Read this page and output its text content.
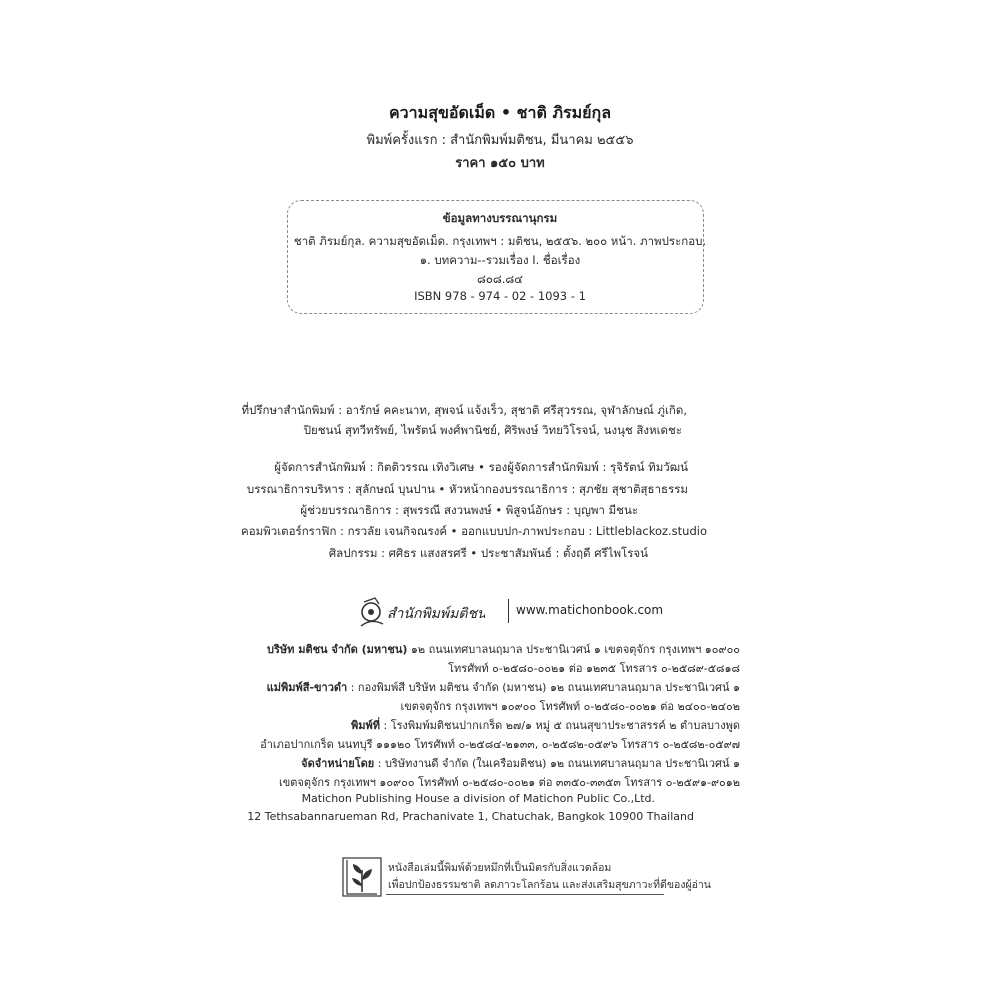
ความสุขอัดเม็ด • ชาติ ภิรมย์กุล
พิมพ์ครั้งแรก : สำนักพิมพ์มติชน, มีนาคม ๒๕๕๖
ราคา ๑๕๐ บาท
ข้อมูลทางบรรณานุกรม
ชาติ ภิรมย์กุล. ความสุขอัดเม็ด. กรุงเทพฯ : มติชน, ๒๕๕๖. ๒๐๐ หน้า. ภาพประกอบ.
๑. บทความ--รวมเรื่อง I. ชื่อเรื่อง
๘๐๘.๘๔
ISBN 978 - 974 - 02 - 1093 - 1
ที่ปรึกษาสำนักพิมพ์ : อารักษ์ คคะนาท, สุพจน์ แจ้งเร็ว, สุชาติ ศรีสุวรรณ, จุฬาลักษณ์ ภู่เกิด,
ปิยชนน์ สุทวีทรัพย์, ไพรัตน์ พงศ์พานิชย์, ศิริพงษ์ วิทยวิโรจน์, นงนุช สิงหเดชะ
ผู้จัดการสำนักพิมพ์ : กิตติวรรณ เทิงวิเศษ • รองผู้จัดการสำนักพิมพ์ : รุจิรัตน์ ทิมวัฒน์
บรรณาธิการบริหาร : สุลักษณ์ บุนปาน • หัวหน้ากองบรรณาธิการ : สุภชัย สุชาติสุธาธรรม
ผู้ช่วยบรรณาธิการ : สุพรรณี สงวนพงษ์ • พิสูจน์อักษร : บุญพา มีชนะ
คอมพิวเตอร์กราฟิก : กรวลัย เจนกิจณรงค์ • ออกแบบปก-ภาพประกอบ : Littleblackoz.studio
ศิลปกรรม : ศศิธร แสงสรศรี • ประชาสัมพันธ์ : ตั้งฤดี ศรีไพโรจน์
สำนักพิมพ์มติชน www.matichonbook.com
บริษัท มติชน จำกัด (มหาชน) ๑๒ ถนนเทศบาลนฤมาล ประชานิเวศน์ ๑ เขตจตุจักร กรุงเทพฯ ๑๐๙๐๐
โทรศัพท์ ๐-๒๕๘๐-๐๐๒๑ ต่อ ๑๒๓๕ โทรสาร ๐-๒๕๘๙-๕๘๑๘
แม่พิมพ์สี-ขาวดำ : กองพิมพ์สี บริษัท มติชน จำกัด (มหาชน) ๑๒ ถนนเทศบาลนฤมาล ประชานิเวศน์ ๑
เขตจตุจักร กรุงเทพฯ ๑๐๙๐๐ โทรศัพท์ ๐-๒๕๘๐-๐๐๒๑ ต่อ ๒๔๐๐-๒๔๐๒
พิมพ์ที่ : โรงพิมพ์มติชนปากเกร็ด ๒๗/๑ หมู่ ๕ ถนนสุขาประชาสรรค์ ๒ ตำบลบางพูด
อำเภอปากเกร็ด นนทบุรี ๑๑๑๒๐ โทรศัพท์ ๐-๒๕๘๔-๒๑๓๓, ๐-๒๕๘๒-๐๕๙๖ โทรสาร ๐-๒๕๘๒-๐๕๙๗
จัดจำหน่ายโดย : บริษัทงานดี จำกัด (ในเครือมติชน) ๑๒ ถนนเทศบาลนฤมาล ประชานิเวศน์ ๑
เขตจตุจักร กรุงเทพฯ ๑๐๙๐๐ โทรศัพท์ ๐-๒๕๘๐-๐๐๒๑ ต่อ ๓๓๕๐-๓๓๕๓ โทรสาร ๐-๒๕๙๑-๙๐๑๒
Matichon Publishing House a division of Matichon Public Co.,Ltd.
12 Tethsabannarueman Rd, Prachanivate 1, Chatuchak, Bangkok 10900 Thailand
หนังสือเล่มนี้พิมพ์ด้วยหมึกที่เป็นมิตรกับสิ่งแวดล้อม
เพื่อปกป้องธรรมชาติ ลดภาวะโลกร้อน และส่งเสริมสุขภาวะที่ดีของผู้อ่าน
